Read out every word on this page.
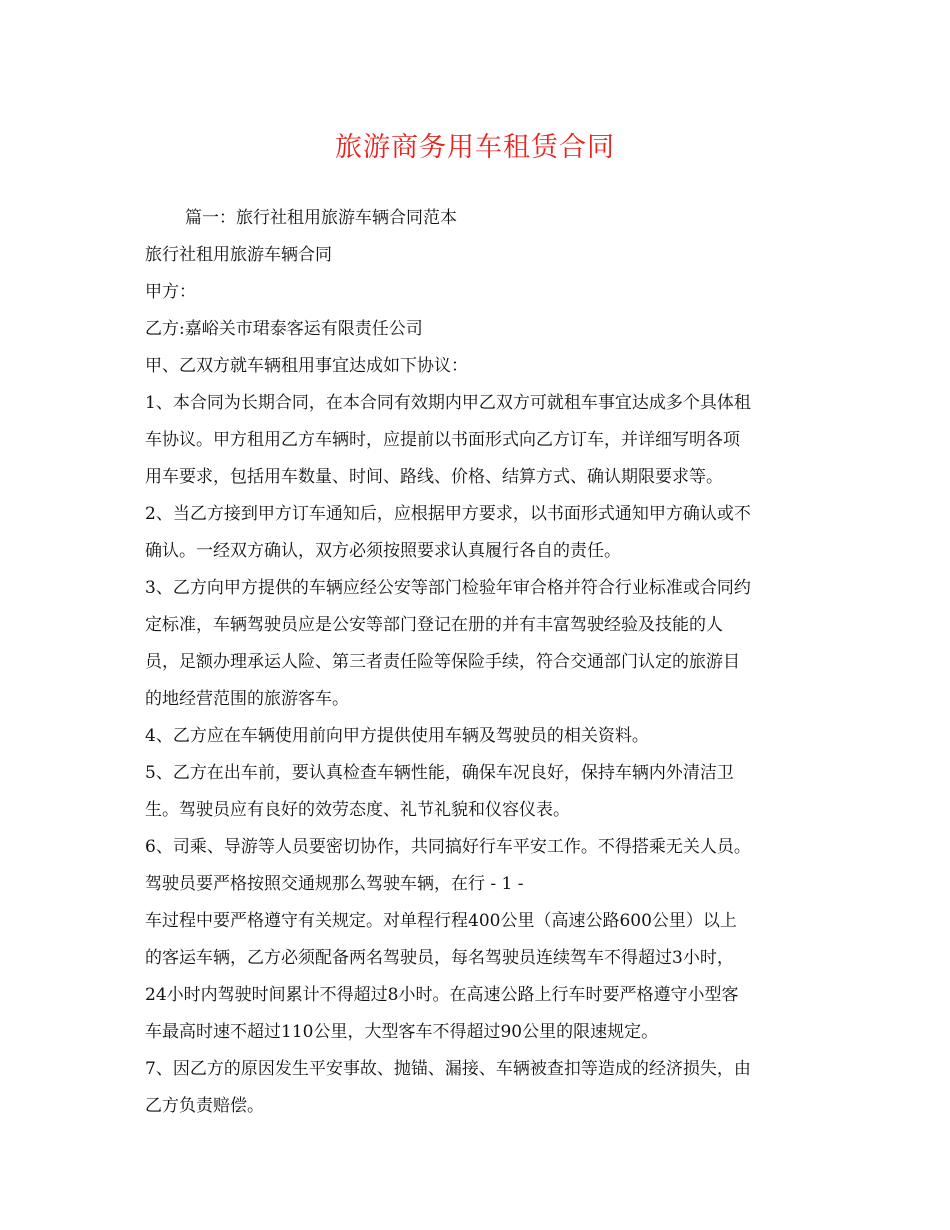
旅游商务用车租赁合同
篇一：旅行社租用旅游车辆合同范本
旅行社租用旅游车辆合同
甲方：
乙方:嘉峪关市珺泰客运有限责任公司
甲、乙双方就车辆租用事宜达成如下协议：
1、本合同为长期合同，在本合同有效期内甲乙双方可就租车事宜达成多个具体租
车协议。甲方租用乙方车辆时，应提前以书面形式向乙方订车，并详细写明各项
用车要求，包括用车数量、时间、路线、价格、结算方式、确认期限要求等。
2、当乙方接到甲方订车通知后，应根据甲方要求，以书面形式通知甲方确认或不
确认。一经双方确认，双方必须按照要求认真履行各自的责任。
3、乙方向甲方提供的车辆应经公安等部门检验年审合格并符合行业标准或合同约
定标准，车辆驾驶员应是公安等部门登记在册的并有丰富驾驶经验及技能的人
员，足额办理承运人险、第三者责任险等保险手续，符合交通部门认定的旅游目
的地经营范围的旅游客车。
4、乙方应在车辆使用前向甲方提供使用车辆及驾驶员的相关资料。
5、乙方在出车前，要认真检查车辆性能，确保车况良好，保持车辆内外清洁卫
生。驾驶员应有良好的效劳态度、礼节礼貌和仪容仪表。
6、司乘、导游等人员要密切协作，共同搞好行车平安工作。不得搭乘无关人员。
驾驶员要严格按照交通规那么驾驶车辆，在行 - 1 -
车过程中要严格遵守有关规定。对单程行程400公里（高速公路600公里）以上
的客运车辆，乙方必须配备两名驾驶员，每名驾驶员连续驾车不得超过3小时，
24小时内驾驶时间累计不得超过8小时。在高速公路上行车时要严格遵守小型客
车最高时速不超过110公里，大型客车不得超过90公里的限速规定。
7、因乙方的原因发生平安事故、抛锚、漏接、车辆被查扣等造成的经济损失，由
乙方负责赔偿。
